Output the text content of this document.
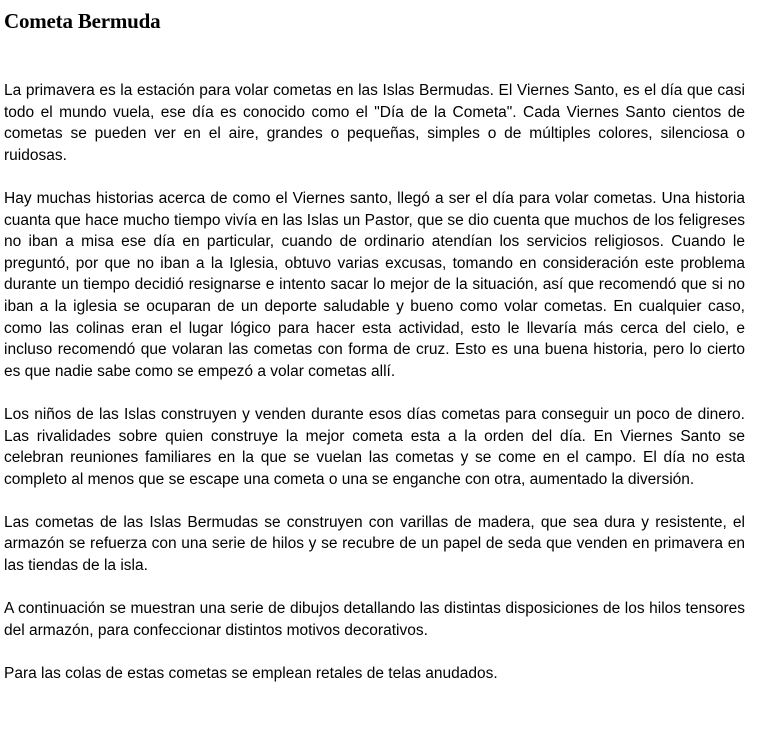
Cometa Bermuda

La primavera es la estación para volar cometas en las Islas Bermudas. El Viernes Santo, es el día que casi todo el mundo vuela, ese día es conocido como el "Día de la Cometa". Cada Viernes Santo cientos de cometas se pueden ver en el aire, grandes o pequeñas, simples o de múltiples colores, silenciosa o ruidosas.

Hay muchas historias acerca de como el Viernes santo, llegó a ser el día para volar cometas. Una historia cuanta que hace mucho tiempo vivía en las Islas un Pastor, que se dio cuenta que muchos de los feligreses no iban a misa ese día en particular, cuando de ordinario atendían los servicios religiosos. Cuando le preguntó, por que no iban a la Iglesia, obtuvo varias excusas, tomando en consideración este problema durante un tiempo decidió resignarse e intento sacar lo mejor de la situación, así que recomendó que si no iban a la iglesia se ocuparan de un deporte saludable y bueno como volar cometas. En cualquier caso, como las colinas eran el lugar lógico para hacer esta actividad, esto le llevaría más cerca del cielo, e incluso recomendó que volaran las cometas con forma de cruz. Esto es una buena historia, pero lo cierto es que nadie sabe como se empezó a volar cometas allí.

Los niños de las Islas construyen y venden durante esos días cometas para conseguir un poco de dinero. Las rivalidades sobre quien construye la mejor cometa esta a la orden del día. En Viernes Santo se celebran reuniones familiares en la que se vuelan las cometas y se come en el campo. El día no esta completo al menos que se escape una cometa o una se enganche con otra, aumentado la diversión.

Las cometas de las Islas Bermudas se construyen con varillas de madera, que sea dura y resistente, el armazón se refuerza con una serie de hilos y se recubre de un papel de seda que venden en primavera en las tiendas de la isla.

A continuación se muestran una serie de dibujos detallando las distintas disposiciones de los hilos tensores del armazón, para confeccionar distintos motivos decorativos.

Para las colas de estas cometas se emplean retales de telas anudados.
